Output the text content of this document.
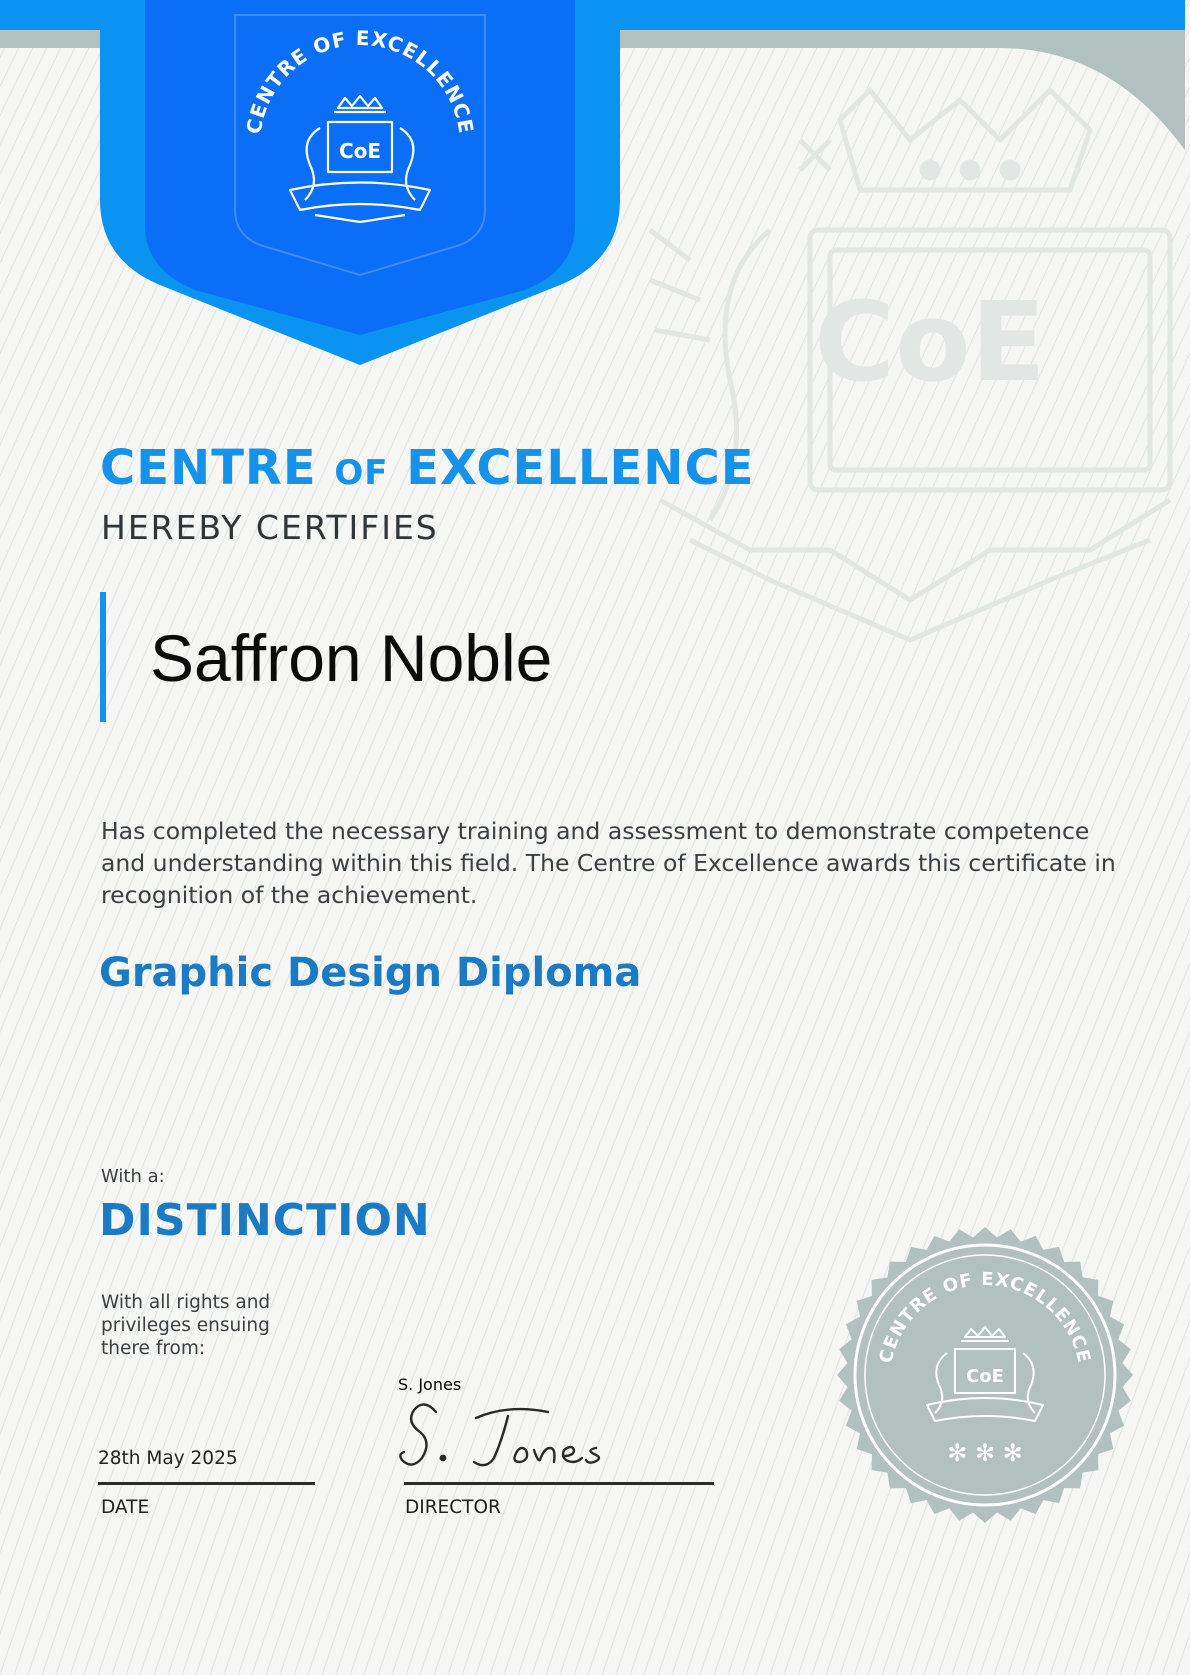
CoE
CENTRE OF EXCELLENCE
CoE
CENTRE OF EXCELLENCE
HEREBY CERTIFIES
Saffron Noble
Has completed the necessary training and assessment to demonstrate competence and understanding within this field. The Centre of Excellence awards this certificate in recognition of the achievement.
Graphic Design Diploma
With a:
DISTINCTION
With all rights and privileges ensuing there from:
28th May 2025
DATE
S. Jones
DIRECTOR
CENTRE OF EXCELLENCE
CoE
✻ ✻ ✻
